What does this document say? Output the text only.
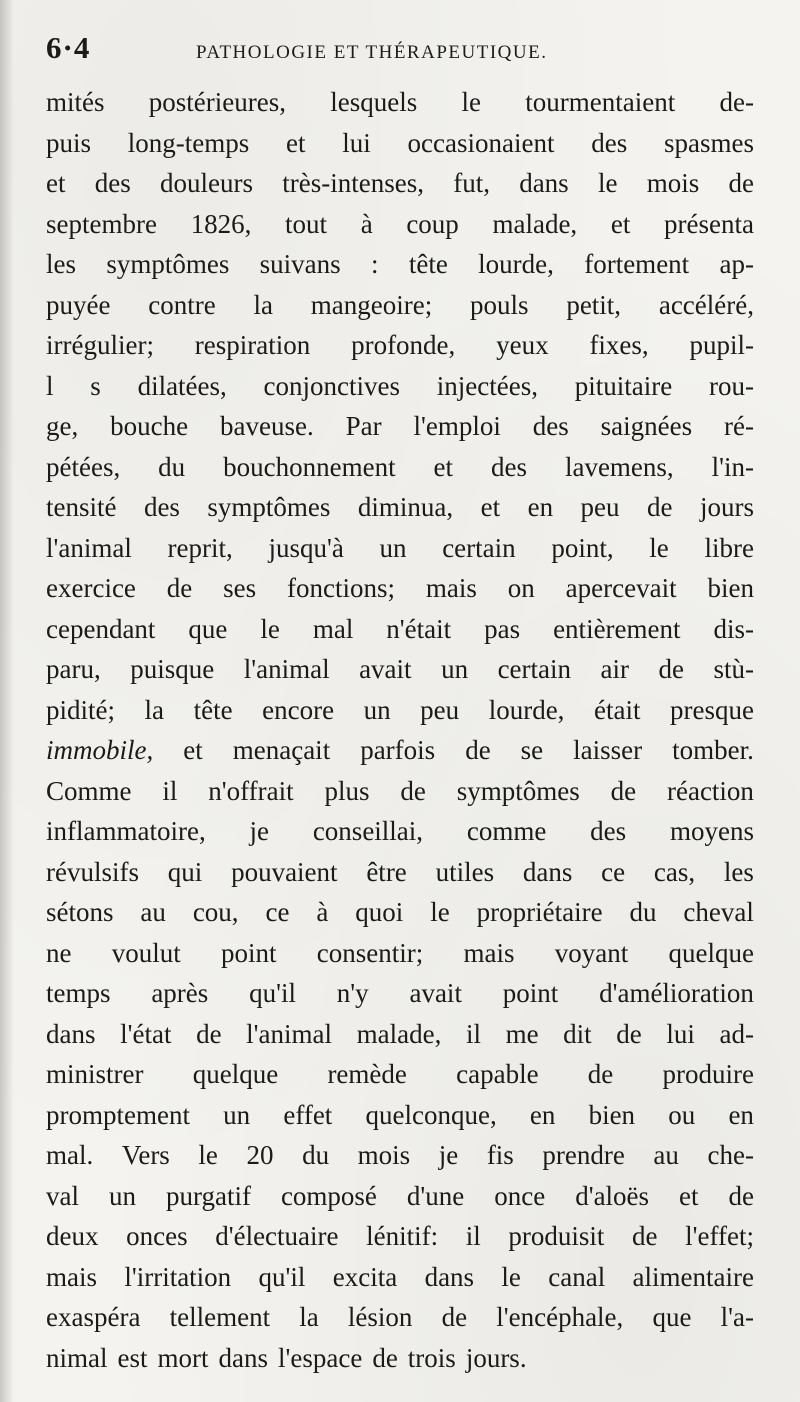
6·4	PATHOLOGIE ET THÉRAPEUTIQUE.
mités postérieures, lesquels le tourmentaient de-
puis long-temps et lui occasionaient des spasmes
et des douleurs très-intenses, fut, dans le mois de
septembre 1826, tout à coup malade, et présenta
les symptômes suivans : tête lourde, fortement ap-
puyée contre la mangeoire; pouls petit, accéléré,
irrégulier; respiration profonde, yeux fixes, pupil-
l s dilatées, conjonctives injectées, pituitaire rou-
ge, bouche baveuse. Par l'emploi des saignées ré-
pétées, du bouchonnement et des lavemens, l'in-
tensité des symptômes diminua, et en peu de jours
l'animal reprit, jusqu'à un certain point, le libre
exercice de ses fonctions; mais on apercevait bien
cependant que le mal n'était pas entièrement dis-
paru, puisque l'animal avait un certain air de stù-
pidité; la tête encore un peu lourde, était presque
immobile, et menaçait parfois de se laisser tomber.
Comme il n'offrait plus de symptômes de réaction
inflammatoire, je conseillai, comme des moyens
révulsifs qui pouvaient être utiles dans ce cas, les
sétons au cou, ce à quoi le propriétaire du cheval
ne voulut point consentir; mais voyant quelque
temps après qu'il n'y avait point d'amélioration
dans l'état de l'animal malade, il me dit de lui ad-
ministrer quelque remède capable de produire
promptement un effet quelconque, en bien ou en
mal. Vers le 20 du mois je fis prendre au che-
val un purgatif composé d'une once d'aloës et de
deux onces d'électuaire lénitif: il produisit de l'effet;
mais l'irritation qu'il excita dans le canal alimentaire
exaspéra tellement la lésion de l'encéphale, que l'a-
nimal est mort dans l'espace de trois jours.
